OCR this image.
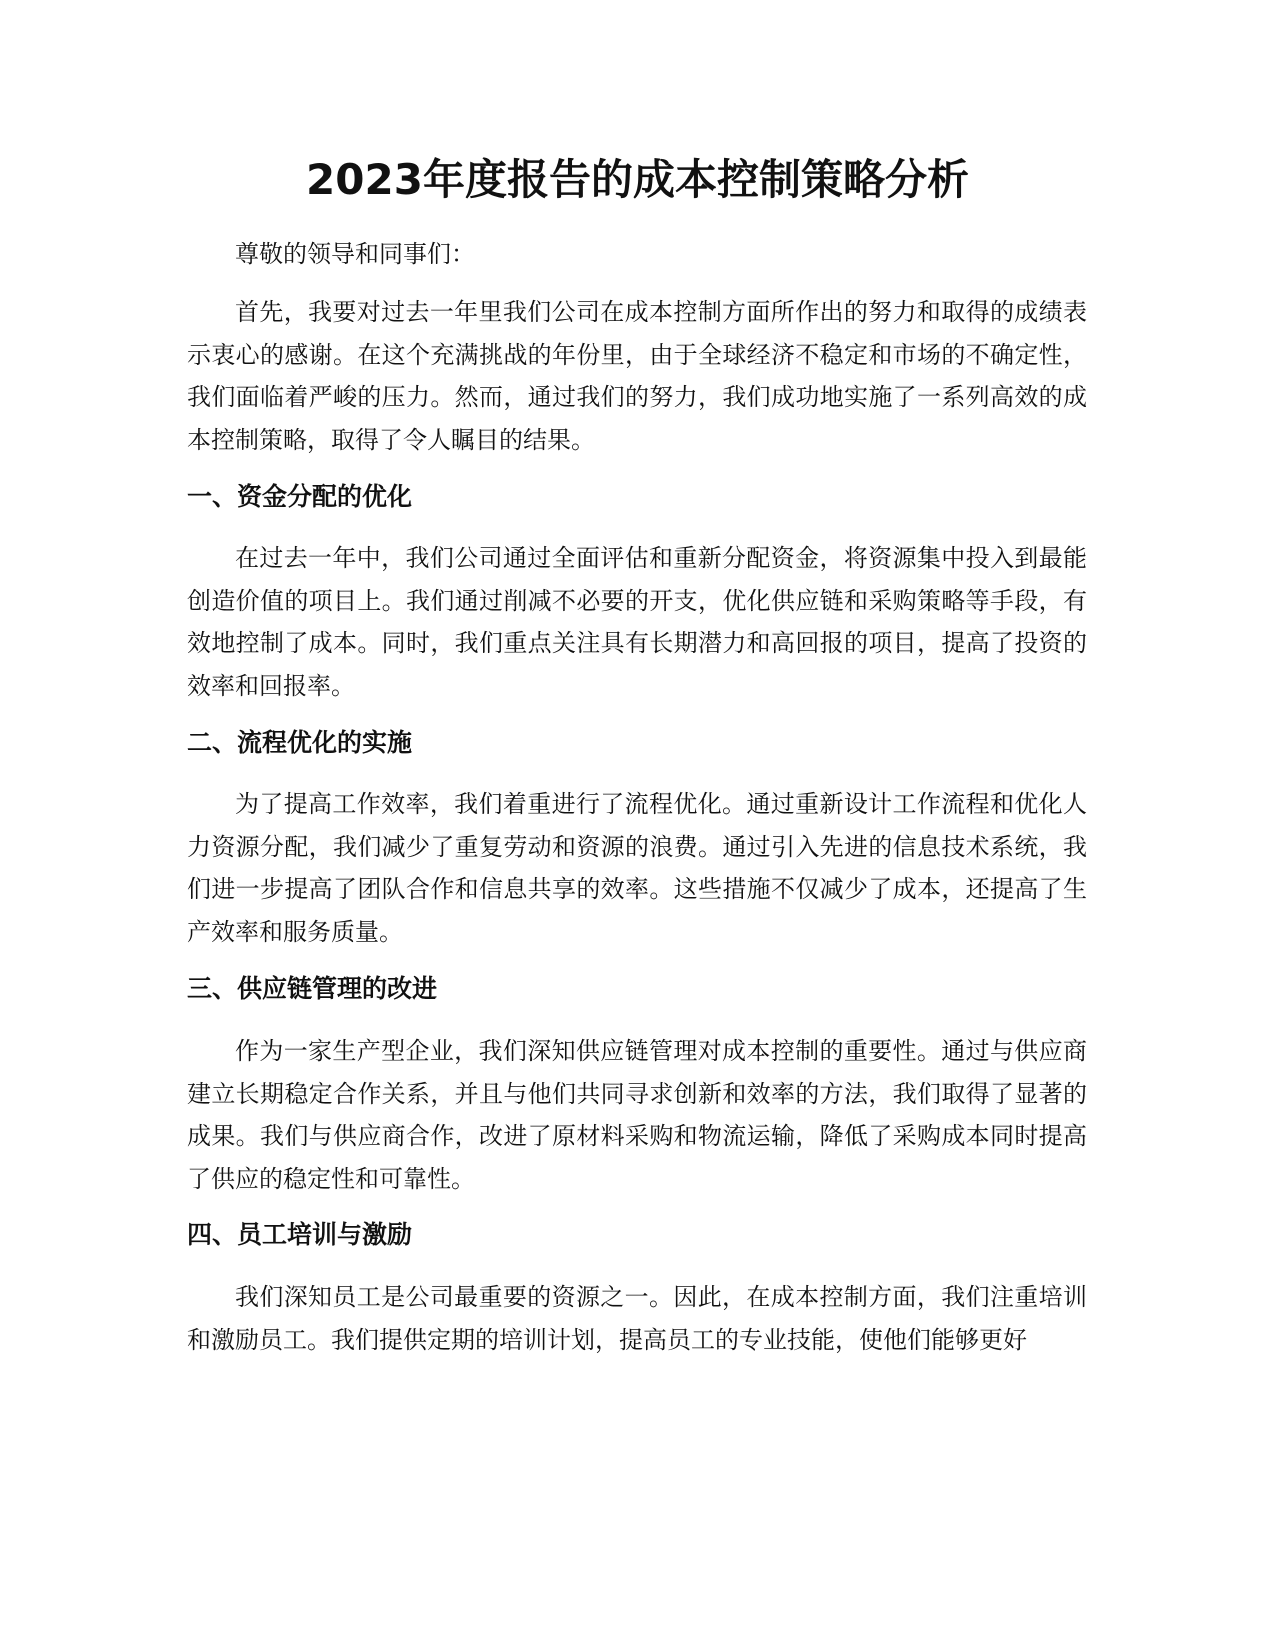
2023年度报告的成本控制策略分析

尊敬的领导和同事们：

首先，我要对过去一年里我们公司在成本控制方面所作出的努力和取得的成绩表示衷心的感谢。在这个充满挑战的年份里，由于全球经济不稳定和市场的不确定性，我们面临着严峻的压力。然而，通过我们的努力，我们成功地实施了一系列高效的成本控制策略，取得了令人瞩目的结果。

一、资金分配的优化

在过去一年中，我们公司通过全面评估和重新分配资金，将资源集中投入到最能创造价值的项目上。我们通过削减不必要的开支，优化供应链和采购策略等手段，有效地控制了成本。同时，我们重点关注具有长期潜力和高回报的项目，提高了投资的效率和回报率。

二、流程优化的实施

为了提高工作效率，我们着重进行了流程优化。通过重新设计工作流程和优化人力资源分配，我们减少了重复劳动和资源的浪费。通过引入先进的信息技术系统，我们进一步提高了团队合作和信息共享的效率。这些措施不仅减少了成本，还提高了生产效率和服务质量。

三、供应链管理的改进

作为一家生产型企业，我们深知供应链管理对成本控制的重要性。通过与供应商建立长期稳定合作关系，并且与他们共同寻求创新和效率的方法，我们取得了显著的成果。我们与供应商合作，改进了原材料采购和物流运输，降低了采购成本同时提高了供应的稳定性和可靠性。

四、员工培训与激励

我们深知员工是公司最重要的资源之一。因此，在成本控制方面，我们注重培训和激励员工。我们提供定期的培训计划，提高员工的专业技能，使他们能够更好
